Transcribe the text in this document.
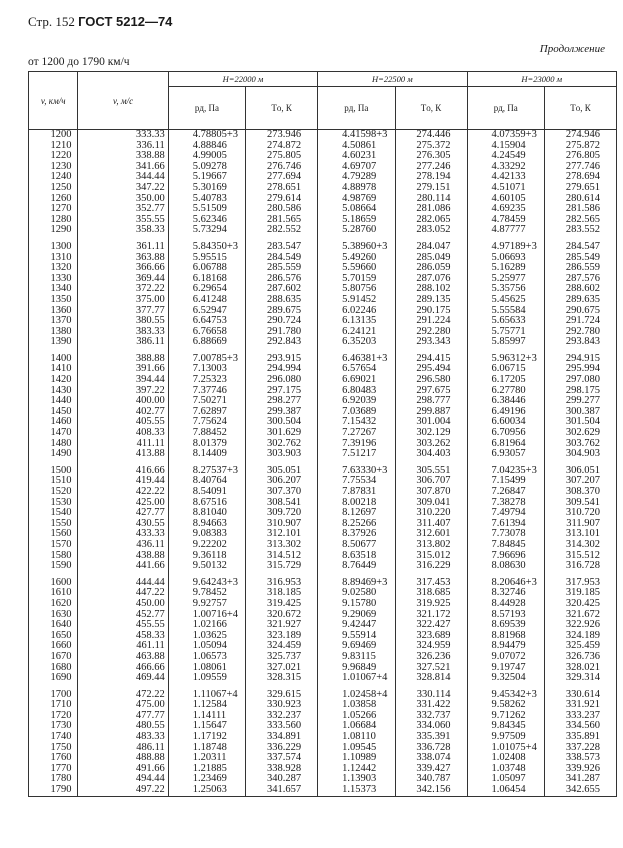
Стр. 152 ГОСТ 5212—74
Продолжение
от 1200 до 1790 км/ч
v, км/ч	v, м/с	H=22000 м		H=22500 м		H=23000 м	
		pд, Па	Tо, К	pд, Па	Tо, К	pд, Па	Tо, К
1200	333.33	4.78805+3	273.946	4.41598+3	274.446	4.07359+3	274.946
1210	336.11	4.88846	274.872	4.50861	275.372	4.15904	275.872
1220	338.88	4.99005	275.805	4.60231	276.305	4.24549	276.805
1230	341.66	5.09278	276.746	4.69707	277.246	4.33292	277.746
1240	344.44	5.19667	277.694	4.79289	278.194	4.42133	278.694
1250	347.22	5.30169	278.651	4.88978	279.151	4.51071	279.651
1260	350.00	5.40783	279.614	4.98769	280.114	4.60105	280.614
1270	352.77	5.51509	280.586	5.08664	281.086	4.69235	281.586
1280	355.55	5.62346	281.565	5.18659	282.065	4.78459	282.565
1290	358.33	5.73294	282.552	5.28760	283.052	4.87777	283.552

1300	361.11	5.84350+3	283.547	5.38960+3	284.047	4.97189+3	284.547
1310	363.88	5.95515	284.549	5.49260	285.049	5.06693	285.549
1320	366.66	6.06788	285.559	5.59660	286.059	5.16289	286.559
1330	369.44	6.18168	286.576	5.70159	287.076	5.25977	287.576
1340	372.22	6.29654	287.602	5.80756	288.102	5.35756	288.602
1350	375.00	6.41248	288.635	5.91452	289.135	5.45625	289.635
1360	377.77	6.52947	289.675	6.02246	290.175	5.55584	290.675
1370	380.55	6.64753	290.724	6.13135	291.224	5.65633	291.724
1380	383.33	6.76658	291.780	6.24121	292.280	5.75771	292.780
1390	386.11	6.88669	292.843	6.35203	293.343	5.85997	293.843

1400	388.88	7.00785+3	293.915	6.46381+3	294.415	5.96312+3	294.915
1410	391.66	7.13003	294.994	6.57654	295.494	6.06715	295.994
1420	394.44	7.25323	296.080	6.69021	296.580	6.17205	297.080
1430	397.22	7.37746	297.175	6.80483	297.675	6.27780	298.175
1440	400.00	7.50271	298.277	6.92039	298.777	6.38446	299.277
1450	402.77	7.62897	299.387	7.03689	299.887	6.49196	300.387
1460	405.55	7.75624	300.504	7.15432	301.004	6.60034	301.504
1470	408.33	7.88452	301.629	7.27267	302.129	6.70956	302.629
1480	411.11	8.01379	302.762	7.39196	303.262	6.81964	303.762
1490	413.88	8.14409	303.903	7.51217	304.403	6.93057	304.903

1500	416.66	8.27537+3	305.051	7.63330+3	305.551	7.04235+3	306.051
1510	419.44	8.40764	306.207	7.75534	306.707	7.15499	307.207
1520	422.22	8.54091	307.370	7.87831	307.870	7.26847	308.370
1530	425.00	8.67516	308.541	8.00218	309.041	7.38278	309.541
1540	427.77	8.81040	309.720	8.12697	310.220	7.49794	310.720
1550	430.55	8.94663	310.907	8.25266	311.407	7.61394	311.907
1560	433.33	9.08383	312.101	8.37926	312.601	7.73078	313.101
1570	436.11	9.22202	313.302	8.50677	313.802	7.84845	314.302
1580	438.88	9.36118	314.512	8.63518	315.012	7.96696	315.512
1590	441.66	9.50132	315.729	8.76449	316.229	8.08630	316.728

1600	444.44	9.64243+3	316.953	8.89469+3	317.453	8.20646+3	317.953
1610	447.22	9.78452	318.185	9.02580	318.685	8.32746	319.185
1620	450.00	9.92757	319.425	9.15780	319.925	8.44928	320.425
1630	452.77	1.00716+4	320.672	9.29069	321.172	8.57193	321.672
1640	455.55	1.02166	321.927	9.42447	322.427	8.69539	322.926
1650	458.33	1.03625	323.189	9.55914	323.689	8.81968	324.189
1660	461.11	1.05094	324.459	9.69469	324.959	8.94479	325.459
1670	463.88	1.06573	325.737	9.83115	326.236	9.07072	326.736
1680	466.66	1.08061	327.021	9.96849	327.521	9.19747	328.021
1690	469.44	1.09559	328.315	1.01067+4	328.814	9.32504	329.314

1700	472.22	1.11067+4	329.615	1.02458+4	330.114	9.45342+3	330.614
1710	475.00	1.12584	330.923	1.03858	331.422	9.58262	331.921
1720	477.77	1.14111	332.237	1.05266	332.737	9.71262	333.237
1730	480.55	1.15647	333.560	1.06684	334.060	9.84345	334.560
1740	483.33	1.17192	334.891	1.08110	335.391	9.97509	335.891
1750	486.11	1.18748	336.229	1.09545	336.728	1.01075+4	337.228
1760	488.88	1.20311	337.574	1.10989	338.074	1.02408	338.573
1770	491.66	1.21885	338.928	1.12442	339.427	1.03748	339.926
1780	494.44	1.23469	340.287	1.13903	340.787	1.05097	341.287
1790	497.22	1.25063	341.657	1.15373	342.156	1.06454	342.655
